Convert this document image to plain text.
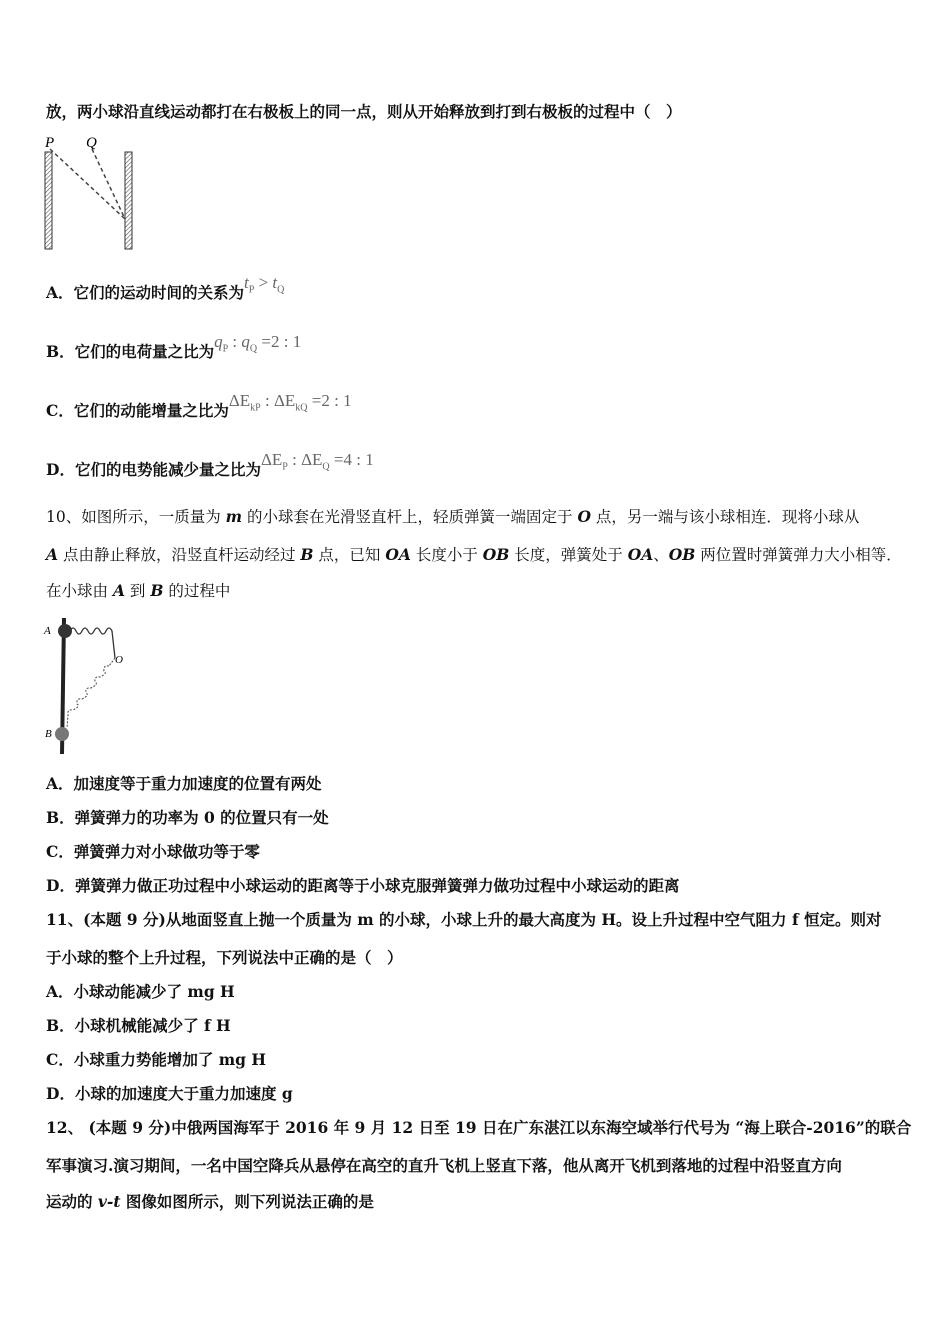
放，两小球沿直线运动都打在右极板上的同一点，则从开始释放到打到右极板的过程中（　）
P Q
A．它们的运动时间的关系为$t_P > t_Q$
B．它们的电荷量之比为$q_P$ : $q_Q =2$ : 1
C．它们的动能增量之比为$\Delta E_{kP}$ : $\Delta E_{kQ} =2$ : 1
D．它们的电势能减少量之比为$\Delta E_P$ : $\Delta E_Q =4$ : 1
10、如图所示，一质量为 m 的小球套在光滑竖直杆上，轻质弹簧一端固定于 O 点，另一端与该小球相连．现将小球从
A 点由静止释放，沿竖直杆运动经过 B 点，已知 OA 长度小于 OB 长度，弹簧处于 OA、OB 两位置时弹簧弹力大小相等．
在小球由 A 到 B 的过程中
A
O
B
A．加速度等于重力加速度的位置有两处
B．弹簧弹力的功率为 0 的位置只有一处
C．弹簧弹力对小球做功等于零
D．弹簧弹力做正功过程中小球运动的距离等于小球克服弹簧弹力做功过程中小球运动的距离
11、(本题 9 分)从地面竖直上抛一个质量为 m 的小球，小球上升的最大高度为 H。设上升过程中空气阻力 f 恒定。则对
于小球的整个上升过程，下列说法中正确的是（　）
A．小球动能减少了 mg H
B．小球机械能减少了 f H
C．小球重力势能增加了 mg H
D．小球的加速度大于重力加速度 g
12、 (本题 9 分)中俄两国海军于 2016 年 9 月 12 日至 19 日在广东湛江以东海空域举行代号为 “海上联合-2016”的联合
军事演习.演习期间，一名中国空降兵从悬停在高空的直升飞机上竖直下落，他从离开飞机到落地的过程中沿竖直方向
运动的 v-t 图像如图所示，则下列说法正确的是
